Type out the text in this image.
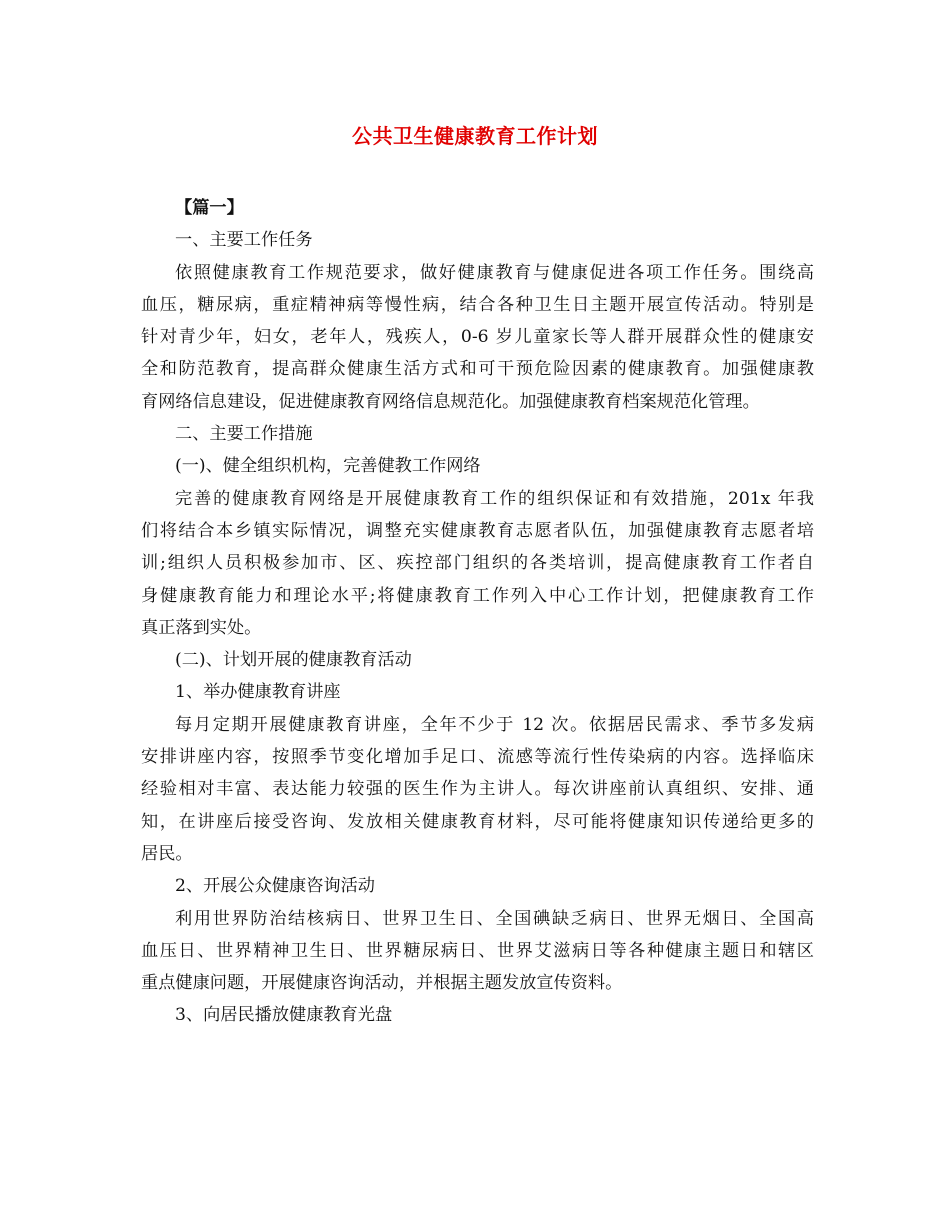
公共卫生健康教育工作计划
【篇一】
一、主要工作任务
依照健康教育工作规范要求，做好健康教育与健康促进各项工作任务。围绕高
血压，糖尿病，重症精神病等慢性病，结合各种卫生日主题开展宣传活动。特别是
针对青少年，妇女，老年人，残疾人，0-6 岁儿童家长等人群开展群众性的健康安
全和防范教育，提高群众健康生活方式和可干预危险因素的健康教育。加强健康教
育网络信息建设，促进健康教育网络信息规范化。加强健康教育档案规范化管理。
二、主要工作措施
(一)、健全组织机构，完善健教工作网络
完善的健康教育网络是开展健康教育工作的组织保证和有效措施，201x 年我
们将结合本乡镇实际情况，调整充实健康教育志愿者队伍，加强健康教育志愿者培
训;组织人员积极参加市、区、疾控部门组织的各类培训，提高健康教育工作者自
身健康教育能力和理论水平;将健康教育工作列入中心工作计划，把健康教育工作
真正落到实处。
(二)、计划开展的健康教育活动
1、举办健康教育讲座
每月定期开展健康教育讲座，全年不少于 12 次。依据居民需求、季节多发病
安排讲座内容，按照季节变化增加手足口、流感等流行性传染病的内容。选择临床
经验相对丰富、表达能力较强的医生作为主讲人。每次讲座前认真组织、安排、通
知，在讲座后接受咨询、发放相关健康教育材料，尽可能将健康知识传递给更多的
居民。
2、开展公众健康咨询活动
利用世界防治结核病日、世界卫生日、全国碘缺乏病日、世界无烟日、全国高
血压日、世界精神卫生日、世界糖尿病日、世界艾滋病日等各种健康主题日和辖区
重点健康问题，开展健康咨询活动，并根据主题发放宣传资料。
3、向居民播放健康教育光盘
